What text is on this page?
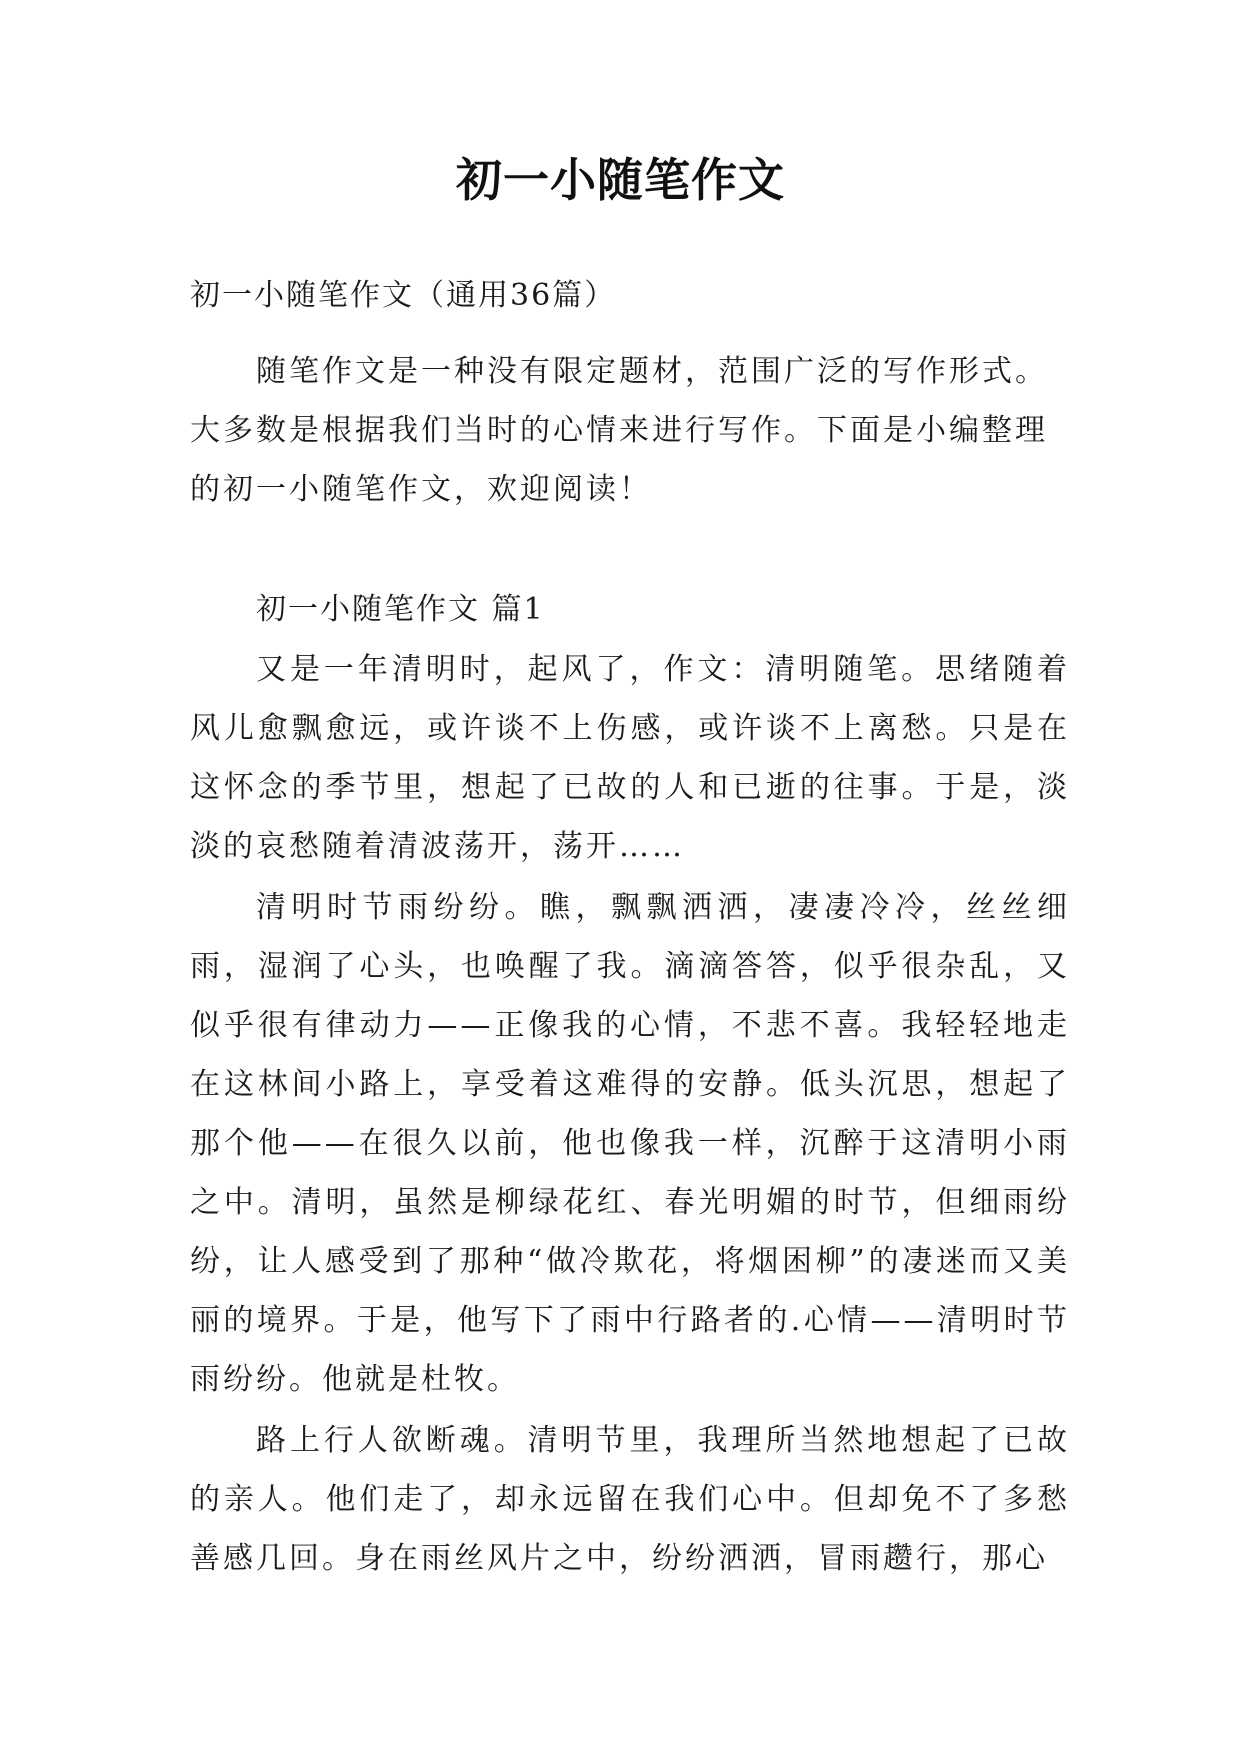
初一小随笔作文
初一小随笔作文（通用36篇）
随笔作文是一种没有限定题材，范围广泛的写作形式。大多数是根据我们当时的心情来进行写作。下面是小编整理的初一小随笔作文，欢迎阅读！
初一小随笔作文 篇1

又是一年清明时，起风了，作文：清明随笔。思绪随着风儿愈飘愈远，或许谈不上伤感，或许谈不上离愁。只是在这怀念的季节里，想起了已故的人和已逝的往事。于是，淡淡的哀愁随着清波荡开，荡开……

清明时节雨纷纷。瞧，飘飘洒洒，凄凄冷冷，丝丝细雨，湿润了心头，也唤醒了我。滴滴答答，似乎很杂乱，又似乎很有律动力——正像我的心情，不悲不喜。我轻轻地走在这林间小路上，享受着这难得的安静。低头沉思，想起了那个他——在很久以前，他也像我一样，沉醉于这清明小雨之中。清明，虽然是柳绿花红、春光明媚的时节，但细雨纷纷，让人感受到了那种“做冷欺花，将烟困柳”的凄迷而又美丽的境界。于是，他写下了雨中行路者的.心情——清明时节雨纷纷。他就是杜牧。

路上行人欲断魂。清明节里，我理所当然地想起了已故的亲人。他们走了，却永远留在我们心中。但却免不了多愁善感几回。身在雨丝风片之中，纷纷洒洒，冒雨趱行，那心
